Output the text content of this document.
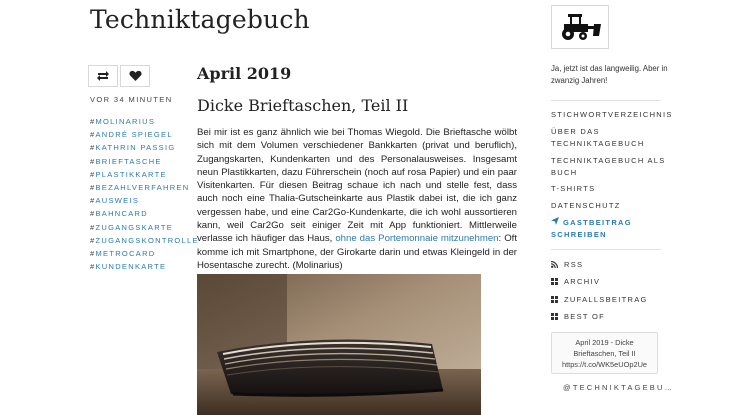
Techniktagebuch
VOR 34 MINUTEN
#MOLINARIUS
#ANDRÉ SPIEGEL
#KATHRIN PASSIG
#BRIEFTASCHE
#PLASTIKKARTE
#BEZAHLVERFAHREN
#AUSWEIS
#BAHNCARD
#ZUGANGSKARTE
#ZUGANGSKONTROLLE
#METROCARD
#KUNDENKARTE
April 2019
Dicke Brieftaschen, Teil II
Bei mir ist es ganz ähnlich wie bei Thomas Wiegold. Die Brieftasche wölbt sich mit dem Volumen verschiedener Bankkarten (privat und beruflich), Zugangskarten, Kundenkarten und des Personalausweises. Insgesamt neun Plastikkarten, dazu Führerschein (noch auf rosa Papier) und ein paar Visitenkarten. Für diesen Beitrag schaue ich nach und stelle fest, dass auch noch eine Thalia-Gutscheinkarte aus Plastik dabei ist, die ich ganz vergessen habe, und eine Car2Go-Kundenkarte, die ich wohl aussortieren kann, weil Car2Go seit einiger Zeit mit App funktioniert. Mittlerweile verlasse ich häufiger das Haus, ohne das Portemonnaie mitzunehmen: Oft komme ich mit Smartphone, der Girokarte darin und etwas Kleingeld in der Hosentasche zurecht. (Molinarius)
Ja, jetzt ist das langweilig. Aber in zwanzig Jahren!
STICHWORTVERZEICHNIS
ÜBER DAS TECHNIKTAGEBUCH
TECHNIKTAGEBUCH ALS BUCH
T-SHIRTS
DATENSCHUTZ
GASTBEITRAG SCHREIBEN
RSS
ARCHIV
ZUFALLSBEITRAG
BEST OF
April 2019 - Dicke Brieftaschen, Teil II https://t.co/WK5eUOp2Ue
@TECHNIKTAGEBU…
